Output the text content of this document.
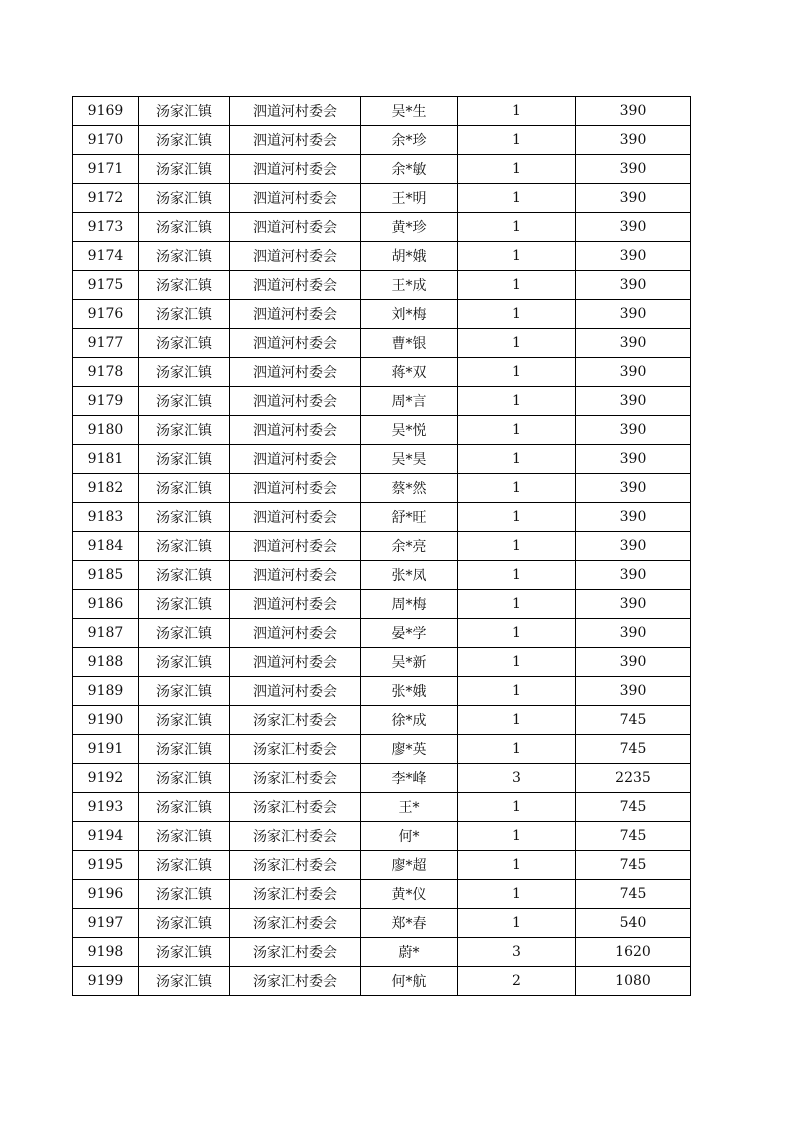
9169	汤家汇镇	泗道河村委会	吴*生	1	390
9170	汤家汇镇	泗道河村委会	余*珍	1	390
9171	汤家汇镇	泗道河村委会	余*敏	1	390
9172	汤家汇镇	泗道河村委会	王*明	1	390
9173	汤家汇镇	泗道河村委会	黄*珍	1	390
9174	汤家汇镇	泗道河村委会	胡*娥	1	390
9175	汤家汇镇	泗道河村委会	王*成	1	390
9176	汤家汇镇	泗道河村委会	刘*梅	1	390
9177	汤家汇镇	泗道河村委会	曹*银	1	390
9178	汤家汇镇	泗道河村委会	蒋*双	1	390
9179	汤家汇镇	泗道河村委会	周*言	1	390
9180	汤家汇镇	泗道河村委会	吴*悦	1	390
9181	汤家汇镇	泗道河村委会	吴*昊	1	390
9182	汤家汇镇	泗道河村委会	蔡*然	1	390
9183	汤家汇镇	泗道河村委会	舒*旺	1	390
9184	汤家汇镇	泗道河村委会	余*亮	1	390
9185	汤家汇镇	泗道河村委会	张*凤	1	390
9186	汤家汇镇	泗道河村委会	周*梅	1	390
9187	汤家汇镇	泗道河村委会	晏*学	1	390
9188	汤家汇镇	泗道河村委会	吴*新	1	390
9189	汤家汇镇	泗道河村委会	张*娥	1	390
9190	汤家汇镇	汤家汇村委会	徐*成	1	745
9191	汤家汇镇	汤家汇村委会	廖*英	1	745
9192	汤家汇镇	汤家汇村委会	李*峰	3	2235
9193	汤家汇镇	汤家汇村委会	王*	1	745
9194	汤家汇镇	汤家汇村委会	何*	1	745
9195	汤家汇镇	汤家汇村委会	廖*超	1	745
9196	汤家汇镇	汤家汇村委会	黄*仪	1	745
9197	汤家汇镇	汤家汇村委会	郑*春	1	540
9198	汤家汇镇	汤家汇村委会	蔚*	3	1620
9199	汤家汇镇	汤家汇村委会	何*航	2	1080
